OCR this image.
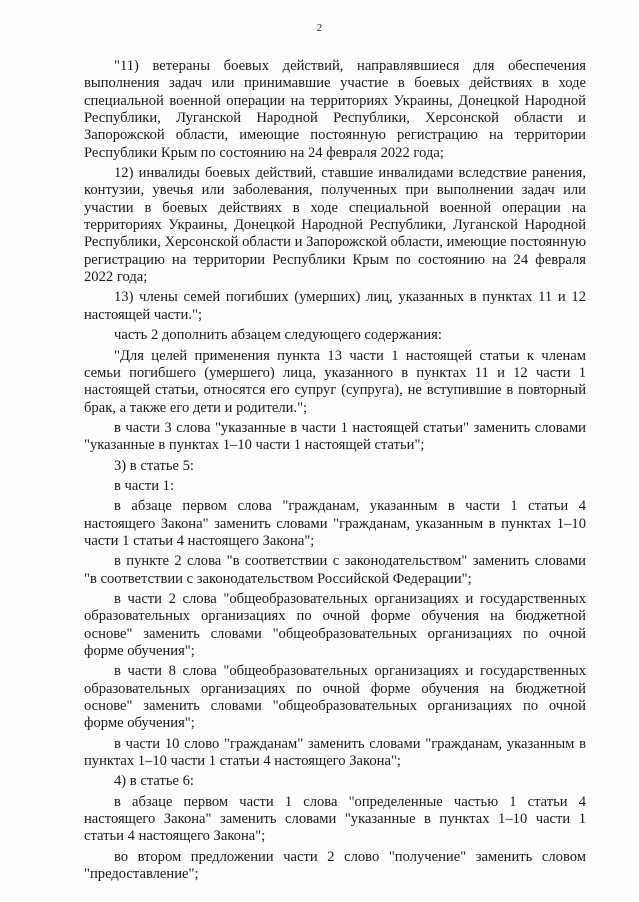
2

"11) ветераны боевых действий, направлявшиеся для обеспечения выполнения задач или принимавшие участие в боевых действиях в ходе специальной военной операции на территориях Украины, Донецкой Народной Республики, Луганской Народной Республики, Херсонской области и Запорожской области, имеющие постоянную регистрацию на территории Республики Крым по состоянию на 24 февраля 2022 года;

12) инвалиды боевых действий, ставшие инвалидами вследствие ранения, контузии, увечья или заболевания, полученных при выполнении задач или участии в боевых действиях в ходе специальной военной операции на территориях Украины, Донецкой Народной Республики, Луганской Народной Республики, Херсонской области и Запорожской области, имеющие постоянную регистрацию на территории Республики Крым по состоянию на 24 февраля 2022 года;

13) члены семей погибших (умерших) лиц, указанных в пунктах 11 и 12 настоящей части.";

часть 2 дополнить абзацем следующего содержания:

"Для целей применения пункта 13 части 1 настоящей статьи к членам семьи погибшего (умершего) лица, указанного в пунктах 11 и 12 части 1 настоящей статьи, относятся его супруг (супруга), не вступившие в повторный брак, а также его дети и родители.";

в части 3 слова "указанные в части 1 настоящей статьи" заменить словами "указанные в пунктах 1–10 части 1 настоящей статьи";

3) в статье 5:

в части 1:

в абзаце первом слова "гражданам, указанным в части 1 статьи 4 настоящего Закона" заменить словами "гражданам, указанным в пунктах 1–10 части 1 статьи 4 настоящего Закона";

в пункте 2 слова "в соответствии с законодательством" заменить словами "в соответствии с законодательством Российской Федерации";

в части 2 слова "общеобразовательных организациях и государственных образовательных организациях по очной форме обучения на бюджетной основе" заменить словами "общеобразовательных организациях по очной форме обучения";

в части 8 слова "общеобразовательных организациях и государственных образовательных организациях по очной форме обучения на бюджетной основе" заменить словами "общеобразовательных организациях по очной форме обучения";

в части 10 слово "гражданам" заменить словами "гражданам, указанным в пунктах 1–10 части 1 статьи 4 настоящего Закона";

4) в статье 6:

в абзаце первом части 1 слова "определенные частью 1 статьи 4 настоящего Закона" заменить словами "указанные в пунктах 1–10 части 1 статьи 4 настоящего Закона";

во втором предложении части 2 слово "получение" заменить словом "предоставление";
